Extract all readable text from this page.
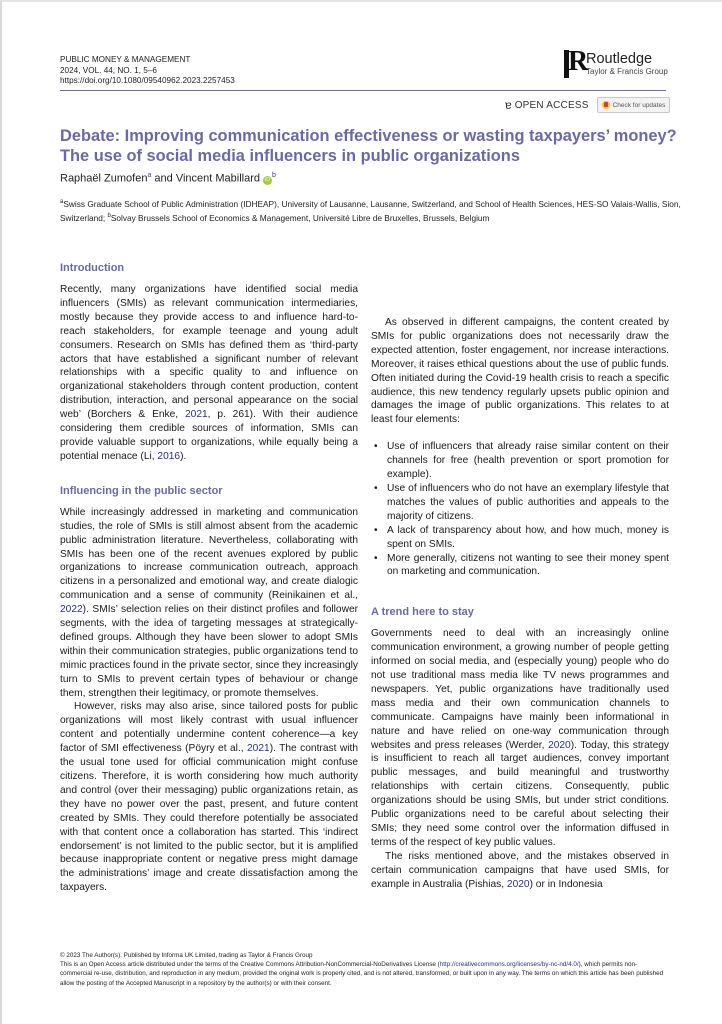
PUBLIC MONEY & MANAGEMENT
2024, VOL. 44, NO. 1, 5–6
https://doi.org/10.1080/09540962.2023.2257453
R
Routledge
Taylor & Francis Group
ɐ OPEN ACCESS	Check for updates
Debate: Improving communication effectiveness or wasting taxpayers’ money?
The use of social media influencers in public organizations
Raphaël Zumofen$^a$ and Vincent Mabillard $iD^b$
$^a$Swiss Graduate School of Public Administration (IDHEAP), University of Lausanne, Lausanne, Switzerland, and School of Health Sciences, HES-SO Valais-Wallis, Sion, Switzerland; $^b$Solvay Brussels School of Economics & Management, Université Libre de Bruxelles, Brussels, Belgium
Introduction

Recently, many organizations have identified social media influencers (SMIs) as relevant communication intermediaries, mostly because they provide access to and influence hard-to-reach stakeholders, for example teenage and young adult consumers. Research on SMIs has defined them as ‘third-party actors that have established a significant number of relevant relationships with a specific quality to and influence on organizational stakeholders through content production, content distribution, interaction, and personal appearance on the social web’ (Borchers & Enke, 2021, p. 261). With their audience considering them credible sources of information, SMIs can provide valuable support to organizations, while equally being a potential menace (Li, 2016).

Influencing in the public sector

While increasingly addressed in marketing and communication studies, the role of SMIs is still almost absent from the academic public administration literature. Nevertheless, collaborating with SMIs has been one of the recent avenues explored by public organizations to increase communication outreach, approach citizens in a personalized and emotional way, and create dialogic communication and a sense of community (Reinikainen et al., 2022). SMIs’ selection relies on their distinct profiles and follower segments, with the idea of targeting messages at strategically-defined groups. Although they have been slower to adopt SMIs within their communication strategies, public organizations tend to mimic practices found in the private sector, since they increasingly turn to SMIs to prevent certain types of behaviour or change them, strengthen their legitimacy, or promote themselves.

However, risks may also arise, since tailored posts for public organizations will most likely contrast with usual influencer content and potentially undermine content coherence—a key factor of SMI effectiveness (Pöyry et al., 2021). The contrast with the usual tone used for official communication might confuse citizens. Therefore, it is worth considering how much authority and control (over their messaging) public organizations retain, as they have no power over the past, present, and future content created by SMIs. They could therefore potentially be associated with that content once a collaboration has started. This ‘indirect endorsement’ is not limited to the public sector, but it is amplified because inappropriate content or negative press might damage the administrations’ image and create dissatisfaction among the taxpayers.

As observed in different campaigns, the content created by SMIs for public organizations does not necessarily draw the expected attention, foster engagement, nor increase interactions. Moreover, it raises ethical questions about the use of public funds. Often initiated during the Covid-19 health crisis to reach a specific audience, this new tendency regularly upsets public opinion and damages the image of public organizations. This relates to at least four elements:

• Use of influencers that already raise similar content on their channels for free (health prevention or sport promotion for example).
• Use of influencers who do not have an exemplary lifestyle that matches the values of public authorities and appeals to the majority of citizens.
• A lack of transparency about how, and how much, money is spent on SMIs.
• More generally, citizens not wanting to see their money spent on marketing and communication.
A trend here to stay

Governments need to deal with an increasingly online communication environment, a growing number of people getting informed on social media, and (especially young) people who do not use traditional mass media like TV news programmes and newspapers. Yet, public organizations have traditionally used mass media and their own communication channels to communicate. Campaigns have mainly been informational in nature and have relied on one-way communication through websites and press releases (Werder, 2020). Today, this strategy is insufficient to reach all target audiences, convey important public messages, and build meaningful and trustworthy relationships with certain citizens. Consequently, public organizations should be using SMIs, but under strict conditions. Public organizations need to be careful about selecting their SMIs; they need some control over the information diffused in terms of the respect of key public values.

The risks mentioned above, and the mistakes observed in certain communication campaigns that have used SMIs, for example in Australia (Pishias, 2020) or in Indonesia

© 2023 The Author(s). Published by Informa UK Limited, trading as Taylor & Francis Group
This is an Open Access article distributed under the terms of the Creative Commons Attribution-NonCommercial-NoDerivatives License (http://creativecommons.org/licenses/by-nc-nd/4.0/), which permits non-commercial re-use, distribution, and reproduction in any medium, provided the original work is properly cited, and is not altered, transformed, or built upon in any way. The terms on which this article has been published allow the posting of the Accepted Manuscript in a repository by the author(s) or with their consent.
